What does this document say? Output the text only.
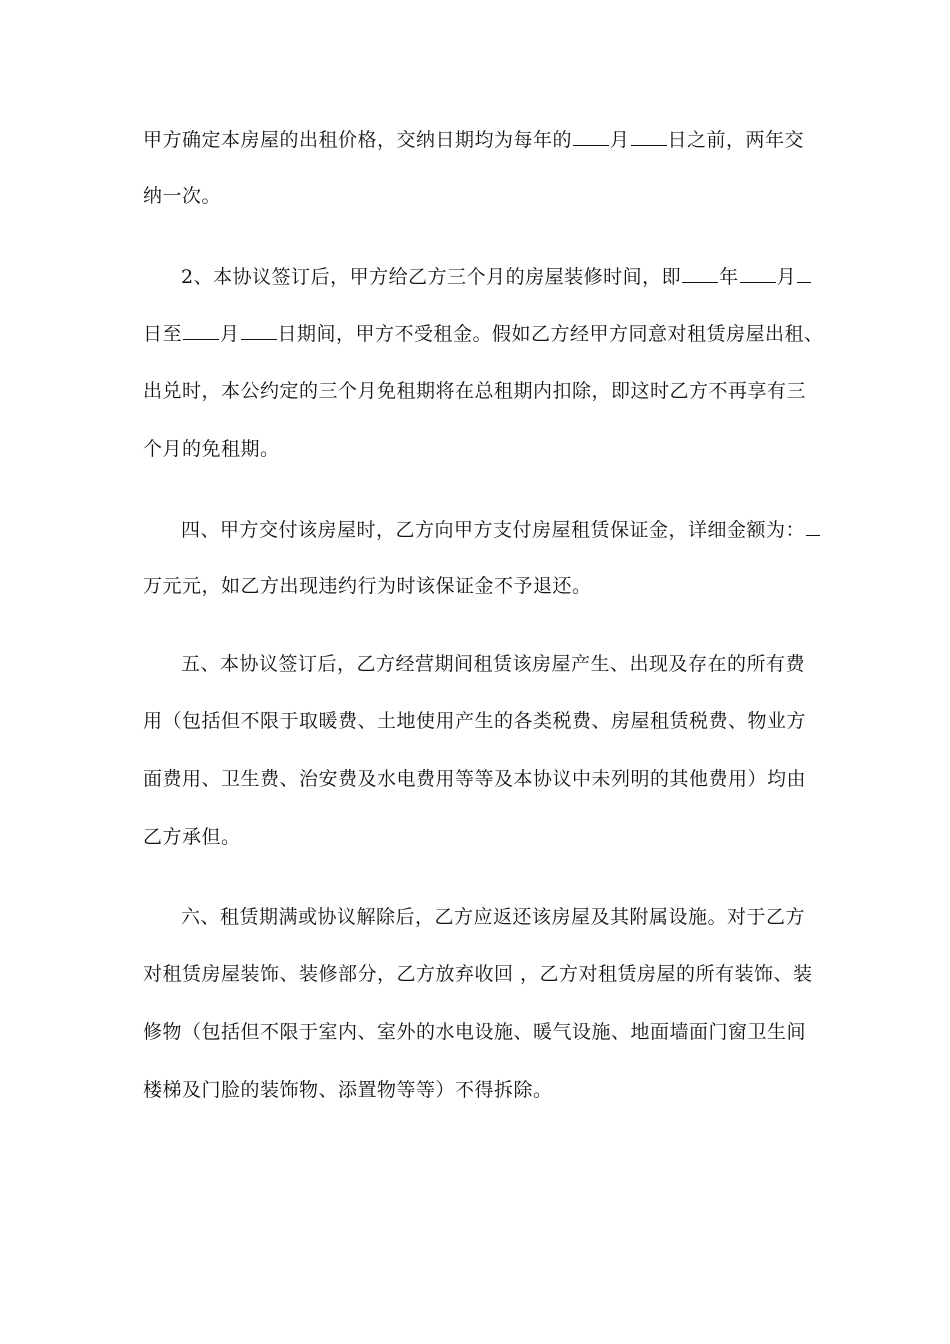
甲方确定本房屋的出租价格，交纳日期均为每年的 月 日之前，两年交
纳一次。
2、本协议签订后，甲方给乙方三个月的房屋装修时间，即 年 月
日至 月 日期间，甲方不受租金。假如乙方经甲方同意对租赁房屋出租、
出兑时，本公约定的三个月免租期将在总租期内扣除，即这时乙方不再享有三
个月的免租期。
四、甲方交付该房屋时，乙方向甲方支付房屋租赁保证金，详细金额为：
万元元，如乙方出现违约行为时该保证金不予退还。
五、本协议签订后，乙方经营期间租赁该房屋产生、出现及存在的所有费
用（包括但不限于取暖费、土地使用产生的各类税费、房屋租赁税费、物业方
面费用、卫生费、治安费及水电费用等等及本协议中未列明的其他费用）均由
乙方承但。
六、租赁期满或协议解除后，乙方应返还该房屋及其附属设施。对于乙方
对租赁房屋装饰、装修部分，乙方放弃收回 ，乙方对租赁房屋的所有装饰、装
修物（包括但不限于室内、室外的水电设施、暖气设施、地面墙面门窗卫生间
楼梯及门脸的装饰物、添置物等等）不得拆除。
